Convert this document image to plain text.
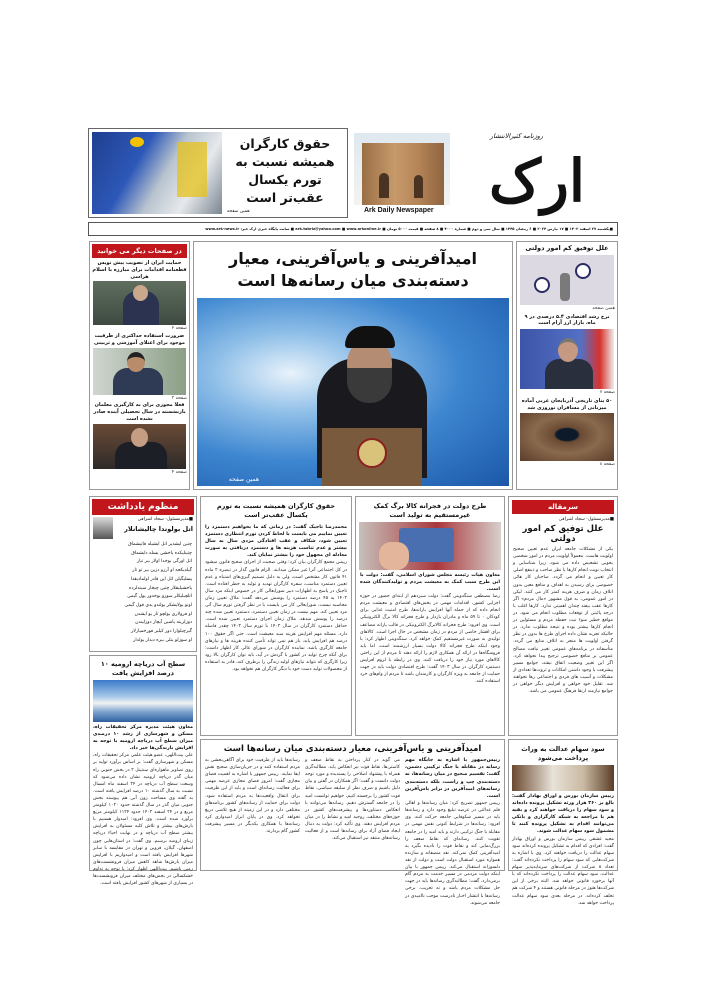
حقوق کارگران همیشه نسبت به تورم یکسال عقب‌تر است
همین صفحه	Ark Daily Newspaper
روزنامه کثیرالانتشار
ارک
■یکشنبه ۲۷ اسفند ۱۴۰۲ ■ ۱۷ مارس ۲۰۲۴ ■ ۶ رمضان ۱۴۴۵ ■ سال سی و دوم ■ شماره ۴۰۰۰ ■ ۸ صفحه ■ قیمت ۵۰۰۰ تومان ■ ark.tabriz@yahoo.com ■ www.arkonline.ir ■ سایت پایگاه خبری ارک خبر: www.ark-news.ir
در صفحات دیگر می خوانید
حمایت ایران از تصویب پیش نویس قطعنامه اقدامات برای مبارزه با اسلام هراسی
صفحه ۲
ضرورت استفاده حداکثری از ظرفیت موجود برای اعتلای آموزشی و تربیتی
صفحه ۳
فعلا مجوزی برای به کارگیری معلمان بازنشسته در سال تحصیلی آینده صادر نشده است
صفحه ۴
امیدآفرینی و یاس‌آفرینی، معیار دسته‌بندی میان رسانه‌ها است
همین صفحه
علل توفیق کم امور دولتی
همین صفحه
نرخ رشد اقتصادی ۵.۴ درصدی در ۹ ماه، بازار ارز آرام است
صفحه ۷
۵۰ بنای تاریخی آذربایجان غربی آماده میزبانی از مسافران نوروزی شد
صفحه ۸
منظوم یادداشت
■مدیرمسئول- سجاد اشرافی
اتل بولوندا چالیشانلار
چتین ایشدیر اتل ایشیله قاتیشماق
چتینلیکده یاخشی یسله دایشماق
اتل اورگی یوخدا اولار بیر تیار
گیلدیکجه او آرزو دزین بیر تو تار
پسلیگیلن اتل این قادر اولمادیقدا
یاخشیلیقلار چتین چیخار سینه‌لرده
اتلچیلیکلر سوزو یوخدور یول گیمی
اونو یولایشکر یولندو یدی قول گیمی
او فرولاری یولچو تار یو ایشدن
دوزلرینه یاشین آیچار دوزلیندن
گیرچیلوارا دور کیلیر قورخمیارلار
او سوزلو یتلی بیزه دیدار یولدار
سطح آب دریاچه ارومیه ۱۰ درصد افزایش یافت
معاون هیئت مدیره مرکز تحقیقات راه، مسکن و شهرسازی از رشد ۱۰ درصدی میزان سطح آب دریاچه ارومیه با توجه به افزایش بارندگی‌ها خبر داد.
علی بیت‌اللهی، عضو هیئت علمی مرکز تحقیقات راه، مسکن و شهرسازی گفت: بر اساس برآورد تولید بر روی تصاویر ماهواره‌ای سنتینل ۲ در بخش جنوبی راه میان گذر دریاچه ارومیه نشان داده می‌شود که وسعت سطح آب دریاچه در ۲۴ اسفند ماه امسال نسبت به سال گذشته ۱۰ درصد افزایش یافته است. به گفته وی مساحت زون آبی هم پیوسته بخش جنوبی میان گذر در سال گذشته حدود ۱۰۲۰ کیلومتر مربع و در ۲۴ اسفند ۱۴۰۲ حدود ۱۱۲۴ کیلومتر مربع برآورد شده است. وی افزود: امیدوار هستیم با بارش‌های بیشتر و تلاش کلیه مسئولان به افزایش بیشتر سطح آب دریاچه و در نهایت احیاء دریاچه زیبای ارومیه برسیم. وی گفت: در استان‌هایی چون اصفهان، گیلان، قزوین و تهران در مقایسه با سایر شهرها افزایش یافته است و امیدواریم با افزایش میزان بارش‌ها شاهد کاهش میزان فرونشست‌های زمین باشیم. بیت‌اللهی اظهار کرد: با توجه به تداوم خشکسالی در بخش‌های مختلف میزان فرونشست‌ها در بسیاری از شهرهای کشور افزایش یافته است.
حقوق کارگران همیشه نسبت به تورم یکسال عقب‌تر است
محمدرضا تاجیک گفت: در زمانی که ما بخواهیم دستمزد را تعیین نماییم می بایست با لحاظ کردن تورم انتظاری دستمزد تعیین شود، شکاف و عقب افتادگی مزدی سال به سال بیشتر و عدم تناسب هزینه ها و دستمزد دریافتی به صورت معادله ای مجهول خود را بیشتر نمایان کند.
رییس مجمع کارگران بیان کرد: وقتی صحبت از اجرای صحیح قانون میشود در کل اجتماعی آنرا غیر ممکن میدانند. الزام قانون گذار در تبصره ۲ ماده ۴۱ قانون کار مشخص است، ولی به دلیل تصمیم گیری‌های اشتباه و عدم تعیین دستمزد مناسب، سفره کارگران تهدید و تولید به خطر افتاده است. تاجیک در پاسخ به اظهارات دبیر شورایعالی کار در خصوص اینکه مزد سال ۱۴۰۲ به ۴۵ درصد دستمزد را پوشش می‌دهد گفت: ملاک تعیین زمان محاسبه نیست، شورایعالی کار می بایست با در نظر گرفتن تورم سال آتی مزد تعیین کند. مهم نیست در زمان تعیین دستمزد، دستمزد تعیین شده چند درصد را پوشش میدهد. ملاک زمان اجرای دستمزد تعیین شده است. حداقل دستمزد کارگران در سال ۱۴۰۲ با تورم سال ۱۴۰۲ چقدر فاصله دارد. مسئله مهم افزایش هزینه سبد معیشت است. حتی اگر حقوق ۱۰۰ درصد هم افزایش یابد، باز هم نمی تواند تأمین کننده هزینه ها و نیازهای جامعه کارگری باشد. نماینده کارگران در شورای عالی کار اظهار داشت: برای آنکه چرخ تولید در کشور با گردش در آید، باید توان کارگران بالا رود زیرا کارگری که نتواند نیازهای اولیه زندگی را برطرف کند، قادر به استفاده از محصولات تولید دست خود با دیگر کارگران هم نخواهد بود.
طرح دولت در فجرانه کالا برگ کمک غیرمستقیم به تولید است
معاون هیات رئیسه مجلس شورای اسلامی، گفت: دولت با این طرح سبب کمک به معیشت مردم و تولیدکنندگان شده است.
رضا مصطفی سنگدوینی گفت: دولت سیزدهم از ابتدای حضور در حوزه اجرایی کشور، اقدامات مهمی در بخش‌های اقتصادی و معیشت مردم انجام داده که از جمله آنها افزایش یارانه‌ها، طرح امنیت غذایی برای کودکان ۰ تا ۵۹ ماه و مادران باردار و طرح فجرانه کالا برگ الکترونیکی است. وی افزود: طرح فجرانه کالابرگ الکترونیکی در قالب یارانه مضاعف برای اقشار خاصی از مردم در زمان مشخص در حال اجرا است. کالاهای تولیدی به صورت غیرمستقیم کمک خواهد کرد. سنگدوینی اظهار کرد: با وجود اینکه طرح فجرانه کالا دولت بسیار ارزشمند است، اما باید فروشگاه‌ها در ارائه آن همکاری لازم را ارائه دهند تا مردم از این راحتی کالاهای مورد نیاز خود را دریافت کنند. وی در رابطه با لزوم افزایش دستمزد کارگران در سال ۱۴۰۳ گفت: طرح اقتصادی دولت باید در جهت حمایت از جامعه به ویژه کارگران و کارمندان باشد تا مردم از وام‌های خرد استفاده کنند.
سرمقاله
■مدیرمسئول- سجاد اشرافی
علل توفیق کم امور دولتی
یکی از مشکلات جامعه ایران عدم تعیین صحیح اولویت هاست. معمولاً اولویت مردم در امور شخصی بخوبی تشخیص داده می شود، زیرا شناسایی و انتخاب نوبت انجام کارها با نظر صاحب و ذینفع اصلی کار تعیین و انجام می گردد. صاحبان کار هائی خصوصی برای رسیدن به اهداف و منافع معین بدون اتلاف زمان و صرف هزینه کمتر کار می کنند. لیکن در امور عمومی، به قول مشهور «مال مردم» اگر کارها عقب بیفتد چندان اهمیتی ندارد. کارها اغلب با درجه پائینی از توقعات مطلوب انجام می شود. در مواقع خطیر سوء نیت حفظه مردم و مسئولین در انجام کارها بیشتر بوده و نتیجه مطلوب ندارد. در حالیکه تجربه نشان داده اجرای طرح ها بدون در نظر گرفتن اولویت ها منجر به اتلاف منابع می گردد. متأسفانه در برنامه‌های عمومی تغییر نیافت مصالح عمومی بر منافع خصوصی ترجیح پیدا نخواهد کرد. اگر این تغییر وضعیت اتفاق نیفتد، جوامع مسیر پیشرفت با وجود داشتن امکانات و ثروت‌ها تعدادی از مشکلات و آسیب های فردی و اجتماعی رها نخواهند شد. تقلیل خود خواهی و افزایش دیگر خواهی در جوامع نیازمند ارتقا فرهنگ عمومی می باشد.
امیدآفرینی و یاس‌آفرینی، معیار دسته‌بندی میان رسانه‌ها است
رییس‌جمهور با اشاره به جایگاه مهم رسانه در مقابله با جنگ ترکیبی دشمن، گفت: تقسیم صحیح در میان رسانه‌ها، نه دسته‌بندی چپ و راست، بلکه دسته‌بندی رسانه‌های امیدآفرین در برابر یاس‌آفرین است.
رییس جمهور تصریح کرد: میان رسانه‌ها و اهالی قلم عدالتی در عرصه تبلیغ وجود دارد و رسانه‌ها باید در مسیر شکوفایی جامعه حرکت کنند. وی افزود: رسانه‌ها در شرایط کنونی نقش مهمی در مقابله با جنگ ترکیبی دارند و باید امید را در جامعه تقویت کنند. رسانه‌ای که نقاط ضعف را بزرگ‌نمایی کند و نقاط قوت را نادیده بگیرد به امیدآفرینی کمک نمی‌کند. نقد منصفانه و سازنده همواره مورد استقبال دولت است و دولت از نقد دلسوزانه استقبال می‌کند. رییس جمهور با بیان اینکه دولت مردمی در مسیر خدمت به مردم گام برمی‌دارد، گفت: مطالبه‌گری رسانه‌ها باید در جهت حل مشکلات مردم باشد و نه تخریب. برخی رسانه‌ها با انتشار اخبار نادرست موجب ناامیدی در جامعه می‌شوند.
می گوید در کنار پرداختن به نقاط ضعف و کاستی‌ها، نقاط قوت نیز انعکاس یابد. مطالبه‌گری همراه با پیشنهاد اصلاحی را پسندیده و مورد توجه دولت دانست و گفت: اگر همکاران در گفتن و بیان دلیل باشیم و صرف نظر از سلیقه سیاسی، نقاط قوت کشور را برجسته کنیم، خواهیم توانست امید را در جامعه گسترش دهیم. رسانه‌ها می‌توانند با انعکاس دستاوردها و پیشرفت‌های کشور در حوزه‌های مختلف، روحیه امید و نشاط را در میان مردم افزایش دهند. وی تأکید کرد: دولت به دنبال ایجاد فضای آزاد برای رسانه‌ها است و از فعالیت رسانه‌های منتقد نیز استقبال می‌کند.
رسانه‌ها باید از ظرفیت خود برای آگاهی‌بخشی به مردم استفاده کنند و در جریان‌سازی صحیح نقش ایفا نمایند. رییس جمهور با اشاره به اهمیت فضای مجازی گفت: امروز فضای مجازی عرصه مهمی برای فعالیت رسانه‌ای است و باید از این ظرفیت برای انتقال واقعیت‌ها به مردم استفاده شود. دولت برای حمایت از رسانه‌های کشور برنامه‌های مختلفی دارد و در این زمینه از هیچ تلاشی دریغ نخواهد کرد. وی در پایان ابراز امیدواری کرد رسانه‌ها با همکاری یکدیگر در مسیر پیشرفت کشور گام بردارند.
سود سهام عدالت به وراث پرداخت می‌شود
رییس سازمان بورس و اوراق بهادار گفت: بالغ بر ۳۶۰ هزار ورثه تشکیل پرونده داده‌اند و سود سهام را دریافت خواهند کرد و بقیه هم با مراجعه به شبکه کارگزاری و بانکی می‌توانند اقدام به تشکیل پرونده کنند تا مشمول سود سهام عدالت شوند.
مجید عشقی رییس سازمان بورس و اوراق بهادار گفت: افرادی که اقدام به تشکیل پرونده کرده‌اند سود سهام عدالت را دریافت خواهند کرد. وی با اشاره به شرکت‌هایی که سود سهام را پرداخت نکرده‌اند گفت: تعداد ۸ شرکت از شرکت‌های سرمایه‌پذیر سهام عدالت، سود سهام عدالت را پرداخت نکرده‌اند که با آنها برخورد قانونی خواهد شد. البته برخی از این شرکت‌ها هنوز در مرحله قانونی هستند و ۴ شرکت هم تخلف کرده‌اند. در مرحله بعدی سود سهام عدالت پرداخت خواهد شد.
